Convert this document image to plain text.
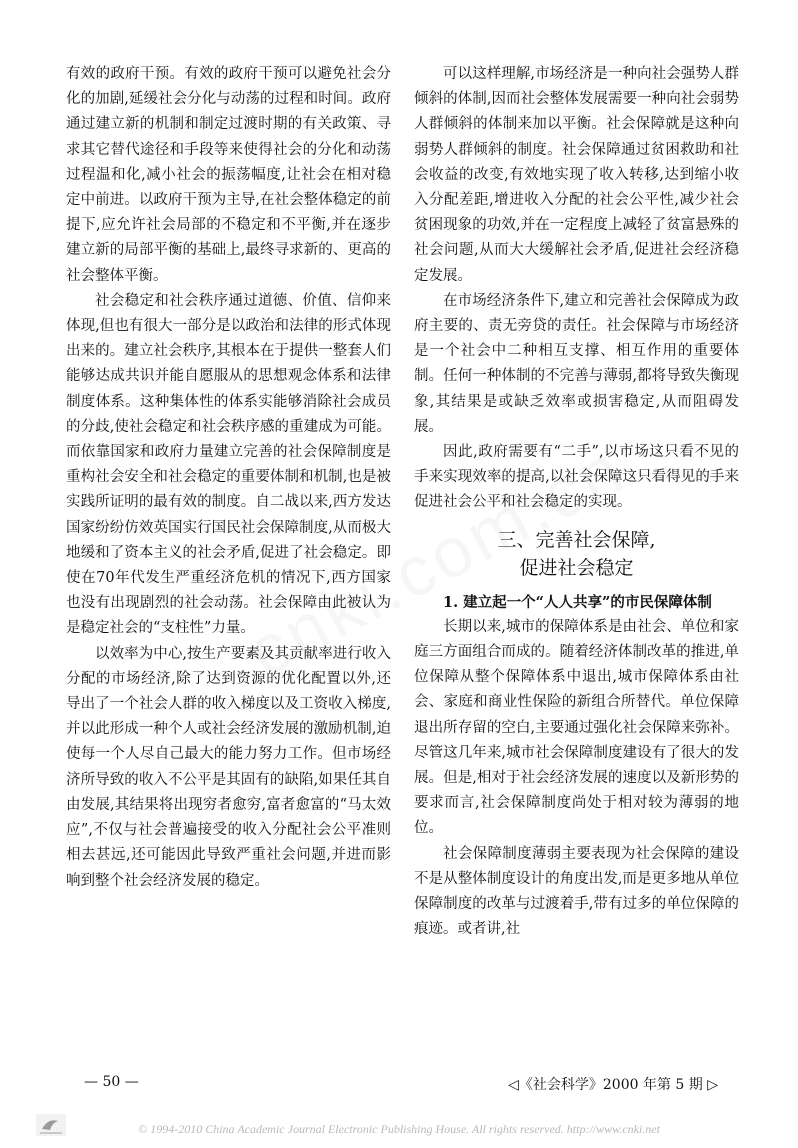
有效的政府干预。有效的政府干预可以避免社会分化的加剧,延缓社会分化与动荡的过程和时间。政府通过建立新的机制和制定过渡时期的有关政策、寻求其它替代途径和手段等来使得社会的分化和动荡过程温和化,减小社会的振荡幅度,让社会在相对稳定中前进。以政府干预为主导,在社会整体稳定的前提下,应允许社会局部的不稳定和不平衡,并在逐步建立新的局部平衡的基础上,最终寻求新的、更高的社会整体平衡。

社会稳定和社会秩序通过道德、价值、信仰来体现,但也有很大一部分是以政治和法律的形式体现出来的。建立社会秩序,其根本在于提供一整套人们能够达成共识并能自愿服从的思想观念体系和法律制度体系。这种集体性的体系实能够消除社会成员的分歧,使社会稳定和社会秩序感的重建成为可能。而依靠国家和政府力量建立完善的社会保障制度是重构社会安全和社会稳定的重要体制和机制,也是被实践所证明的最有效的制度。自二战以来,西方发达国家纷纷仿效英国实行国民社会保障制度,从而极大地缓和了资本主义的社会矛盾,促进了社会稳定。即使在70年代发生严重经济危机的情况下,西方国家也没有出现剧烈的社会动荡。社会保障由此被认为是稳定社会的“支柱性”力量。

以效率为中心,按生产要素及其贡献率进行收入分配的市场经济,除了达到资源的优化配置以外,还导出了一个社会人群的收入梯度以及工资收入梯度,并以此形成一种个人或社会经济发展的激励机制,迫使每一个人尽自己最大的能力努力工作。但市场经济所导致的收入不公平是其固有的缺陷,如果任其自由发展,其结果将出现穷者愈穷,富者愈富的“马太效应”,不仅与社会普遍接受的收入分配社会公平准则相去甚远,还可能因此导致严重社会问题,并进而影响到整个社会经济发展的稳定。

可以这样理解,市场经济是一种向社会强势人群倾斜的体制,因而社会整体发展需要一种向社会弱势人群倾斜的体制来加以平衡。社会保障就是这种向弱势人群倾斜的制度。社会保障通过贫困救助和社会收益的改变,有效地实现了收入转移,达到缩小收入分配差距,增进收入分配的社会公平性,减少社会贫困现象的功效,并在一定程度上减轻了贫富悬殊的社会问题,从而大大缓解社会矛盾,促进社会经济稳定发展。

在市场经济条件下,建立和完善社会保障成为政府主要的、责无旁贷的责任。社会保障与市场经济是一个社会中二种相互支撑、相互作用的重要体制。任何一种体制的不完善与薄弱,都将导致失衡现象,其结果是或缺乏效率或损害稳定,从而阻碍发展。

因此,政府需要有“二手”,以市场这只看不见的手来实现效率的提高,以社会保障这只看得见的手来促进社会公平和社会稳定的实现。

三、完善社会保障,
促进社会稳定

1. 建立起一个“人人共享”的市民保障体制

长期以来,城市的保障体系是由社会、单位和家庭三方面组合而成的。随着经济体制改革的推进,单位保障从整个保障体系中退出,城市保障体系由社会、家庭和商业性保险的新组合所替代。单位保障退出所存留的空白,主要通过强化社会保障来弥补。尽管这几年来,城市社会保障制度建设有了很大的发展。但是,相对于社会经济发展的速度以及新形势的要求而言,社会保障制度尚处于相对较为薄弱的地位。

社会保障制度薄弱主要表现为社会保障的建设不是从整体制度设计的角度出发,而是更多地从单位保障制度的改革与过渡着手,带有过多的单位保障的痕迹。或者讲,社

— 50 —	◁《社会科学》2000 年第 5 期 ▷
© 1994-2010 China Academic Journal Electronic Publishing House. All rights reserved. http://www.cnki.net
